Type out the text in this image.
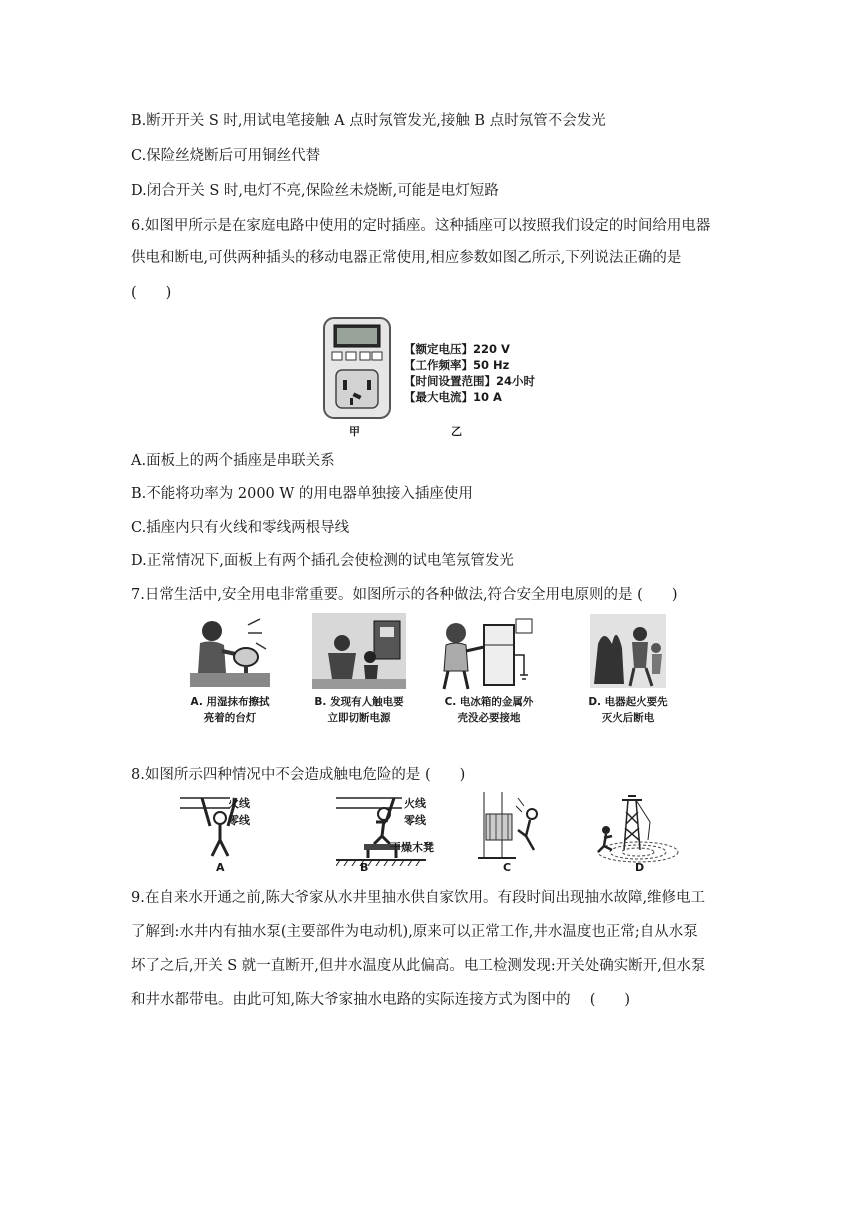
B.断开开关 S 时,用试电笔接触 A 点时氖管发光,接触 B 点时氖管不会发光
C.保险丝烧断后可用铜丝代替
D.闭合开关 S 时,电灯不亮,保险丝未烧断,可能是电灯短路
6.如图甲所示是在家庭电路中使用的定时插座。这种插座可以按照我们设定的时间给用电器
供电和断电,可供两种插头的移动电器正常使用,相应参数如图乙所示,下列说法正确的是
(　　)
【额定电压】220 V
【工作频率】50 Hz
【时间设置范围】24小时
【最大电流】10 A
甲	乙
A.面板上的两个插座是串联关系
B.不能将功率为 2000 W 的用电器单独接入插座使用
C.插座内只有火线和零线两根导线
D.正常情况下,面板上有两个插孔会使检测的试电笔氖管发光
7.日常生活中,安全用电非常重要。如图所示的各种做法,符合安全用电原则的是 (　　)
A. 用湿抹布擦拭
亮着的台灯
B. 发现有人触电要
立即切断电源
C. 电冰箱的金属外
壳没必要接地
D. 电器起火要先
灭火后断电
8.如图所示四种情况中不会造成触电危险的是 (　　)
火线
零线
A
火线
零线
干燥木凳
B	C	D
9.在自来水开通之前,陈大爷家从水井里抽水供自家饮用。有段时间出现抽水故障,维修电工
了解到:水井内有抽水泵(主要部件为电动机),原来可以正常工作,井水温度也正常;自从水泵
坏了之后,开关 S 就一直断开,但井水温度从此偏高。电工检测发现:开关处确实断开,但水泵
和井水都带电。由此可知,陈大爷家抽水电路的实际连接方式为图中的　 (　　)
